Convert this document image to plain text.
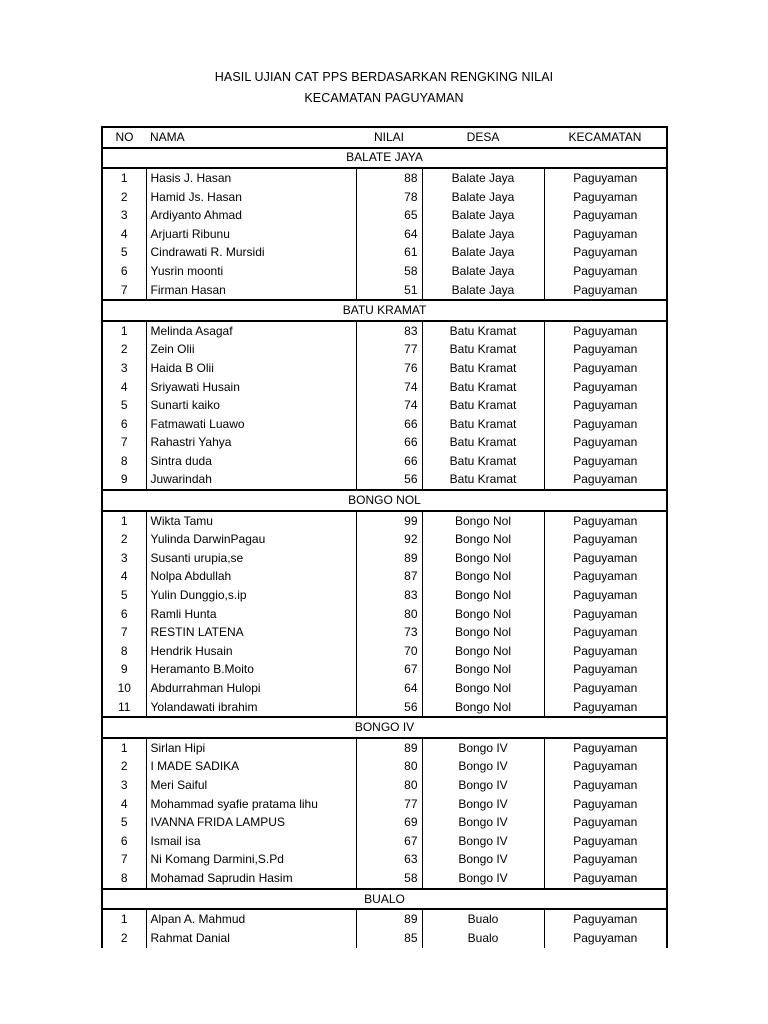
HASIL UJIAN CAT PPS BERDASARKAN RENGKING NILAI
KECAMATAN PAGUYAMAN
NO	NAMA	NILAI	DESA	KECAMATAN
BALATE JAYA				
1	Hasis J. Hasan	88	Balate Jaya	Paguyaman
2	Hamid Js. Hasan	78	Balate Jaya	Paguyaman
3	Ardiyanto Ahmad	65	Balate Jaya	Paguyaman
4	Arjuarti Ribunu	64	Balate Jaya	Paguyaman
5	Cindrawati R. Mursidi	61	Balate Jaya	Paguyaman
6	Yusrin moonti	58	Balate Jaya	Paguyaman
7	Firman Hasan	51	Balate Jaya	Paguyaman
BATU KRAMAT				
1	Melinda Asagaf	83	Batu Kramat	Paguyaman
2	Zein Olii	77	Batu Kramat	Paguyaman
3	Haida B Olii	76	Batu Kramat	Paguyaman
4	Sriyawati Husain	74	Batu Kramat	Paguyaman
5	Sunarti kaiko	74	Batu Kramat	Paguyaman
6	Fatmawati Luawo	66	Batu Kramat	Paguyaman
7	Rahastri Yahya	66	Batu Kramat	Paguyaman
8	Sintra duda	66	Batu Kramat	Paguyaman
9	Juwarindah	56	Batu Kramat	Paguyaman
BONGO NOL				
1	Wikta Tamu	99	Bongo Nol	Paguyaman
2	Yulinda DarwinPagau	92	Bongo Nol	Paguyaman
3	Susanti urupia,se	89	Bongo Nol	Paguyaman
4	Nolpa Abdullah	87	Bongo Nol	Paguyaman
5	Yulin Dunggio,s.ip	83	Bongo Nol	Paguyaman
6	Ramli Hunta	80	Bongo Nol	Paguyaman
7	RESTIN LATENA	73	Bongo Nol	Paguyaman
8	Hendrik Husain	70	Bongo Nol	Paguyaman
9	Heramanto B.Moito	67	Bongo Nol	Paguyaman
10	Abdurrahman Hulopi	64	Bongo Nol	Paguyaman
11	Yolandawati ibrahim	56	Bongo Nol	Paguyaman
BONGO IV				
1	Sirlan Hipi	89	Bongo IV	Paguyaman
2	I MADE SADIKA	80	Bongo IV	Paguyaman
3	Meri Saiful	80	Bongo IV	Paguyaman
4	Mohammad syafie pratama lihu	77	Bongo IV	Paguyaman
5	IVANNA FRIDA LAMPUS	69	Bongo IV	Paguyaman
6	Ismail isa	67	Bongo IV	Paguyaman
7	Ni Komang Darmini,S.Pd	63	Bongo IV	Paguyaman
8	Mohamad Saprudin Hasim	58	Bongo IV	Paguyaman
BUALO				
1	Alpan A. Mahmud	89	Bualo	Paguyaman
2	Rahmat Danial	85	Bualo	Paguyaman
